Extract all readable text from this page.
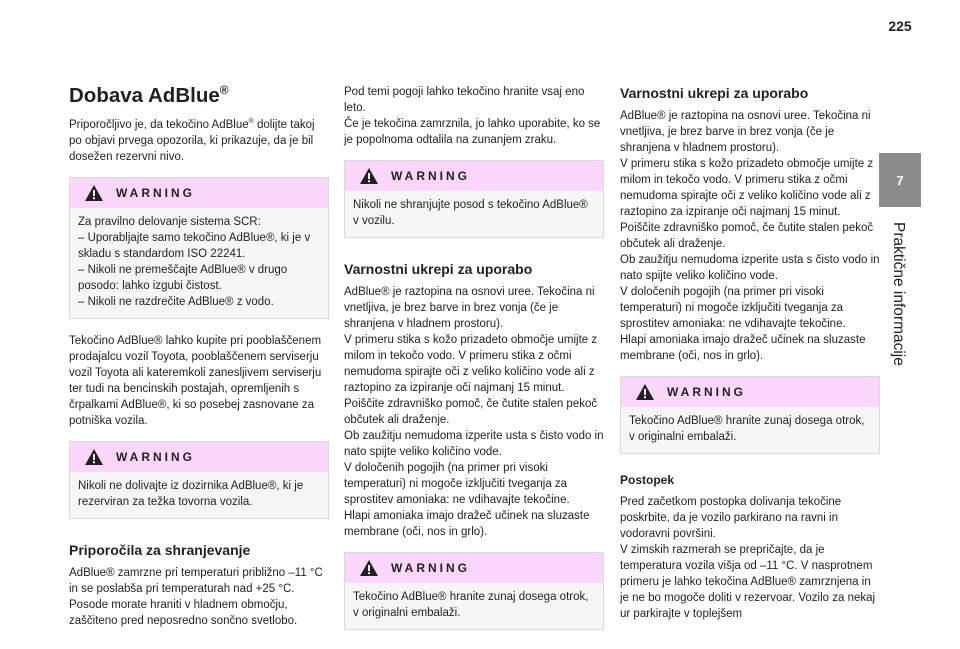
225
7
Praktične informacije
Dobava AdBlue®

Priporočljivo je, da tekočino AdBlue® dolijte takoj po objavi prvega opozorila, ki prikazuje, da je bil dosežen rezervni nivo.

WARNING
Za pravilno delovanje sistema SCR:
– Uporabljajte samo tekočino AdBlue®, ki je v skladu s standardom ISO 22241.
– Nikoli ne premeščajte AdBlue® v drugo posodo: lahko izgubi čistost.
– Nikoli ne razdrečite AdBlue® z vodo.

Tekočino AdBlue® lahko kupite pri pooblaščenem prodajalcu vozil Toyota, pooblaščenem serviserju vozil Toyota ali kateremkoli zanesljivem serviserju ter tudi na bencinskih postajah, opremljenih s črpalkami AdBlue®, ki so posebej zasnovane za potniška vozila.

WARNING
Nikoli ne dolivajte iz dozirnika AdBlue®, ki je rezerviran za težka tovorna vozila.
Priporočila za shranjevanje

AdBlue® zamrzne pri temperaturi približno –11 °C in se poslabša pri temperaturah nad +25 °C. Posode morate hraniti v hladnem območju, zaščiteno pred neposredno sončno svetlobo.

Pod temi pogoji lahko tekočino hranite vsaj eno leto.
Če je tekočina zamrznila, jo lahko uporabite, ko se je popolnoma odtalila na zunanjem zraku.

WARNING
Nikoli ne shranjujte posod s tekočino AdBlue® v vozilu.
Varnostni ukrepi za uporabo

AdBlue® je raztopina na osnovi uree. Tekočina ni vnetljiva, je brez barve in brez vonja (če je shranjena v hladnem prostoru).
V primeru stika s kožo prizadeto območje umijte z milom in tekočo vodo. V primeru stika z očmi nemudoma spirajte oči z veliko količino vode ali z raztopino za izpiranje oči najmanj 15 minut. Poiščite zdravniško pomoč, če čutite stalen pekoč občutek ali draženje.
Ob zaužitju nemudoma izperite usta s čisto vodo in nato spijte veliko količino vode.
V določenih pogojih (na primer pri visoki temperaturi) ni mogoče izključiti tveganja za sprostitev amoniaka: ne vdihavajte tekočine.
Hlapi amoniaka imajo dražeč učinek na sluzaste membrane (oči, nos in grlo).

WARNING
Tekočino AdBlue® hranite zunaj dosega otrok, v originalni embalaži.
Varnostni ukrepi za uporabo

AdBlue® je raztopina na osnovi uree. Tekočina ni vnetljiva, je brez barve in brez vonja (če je shranjena v hladnem prostoru).
V primeru stika s kožo prizadeto območje umijte z milom in tekočo vodo. V primeru stika z očmi nemudoma spirajte oči z veliko količino vode ali z raztopino za izpiranje oči najmanj 15 minut. Poiščite zdravniško pomoč, če čutite stalen pekoč občutek ali draženje.
Ob zaužitju nemudoma izperite usta s čisto vodo in nato spijte veliko količino vode.
V določenih pogojih (na primer pri visoki temperaturi) ni mogoče izključiti tveganja za sprostitev amoniaka: ne vdihavajte tekočine.
Hlapi amoniaka imajo dražeč učinek na sluzaste membrane (oči, nos in grlo).

WARNING
Tekočino AdBlue® hranite zunaj dosega otrok, v originalni embalaži.
Postopek

Pred začetkom postopka dolivanja tekočine poskrbite, da je vozilo parkirano na ravni in vodoravni površini.
V zimskih razmerah se prepričajte, da je temperatura vozila višja od –11 °C. V nasprotnem primeru je lahko tekočina AdBlue® zamrznjena in je ne bo mogoče doliti v rezervoar. Vozilo za nekaj ur parkirajte v toplejšem
